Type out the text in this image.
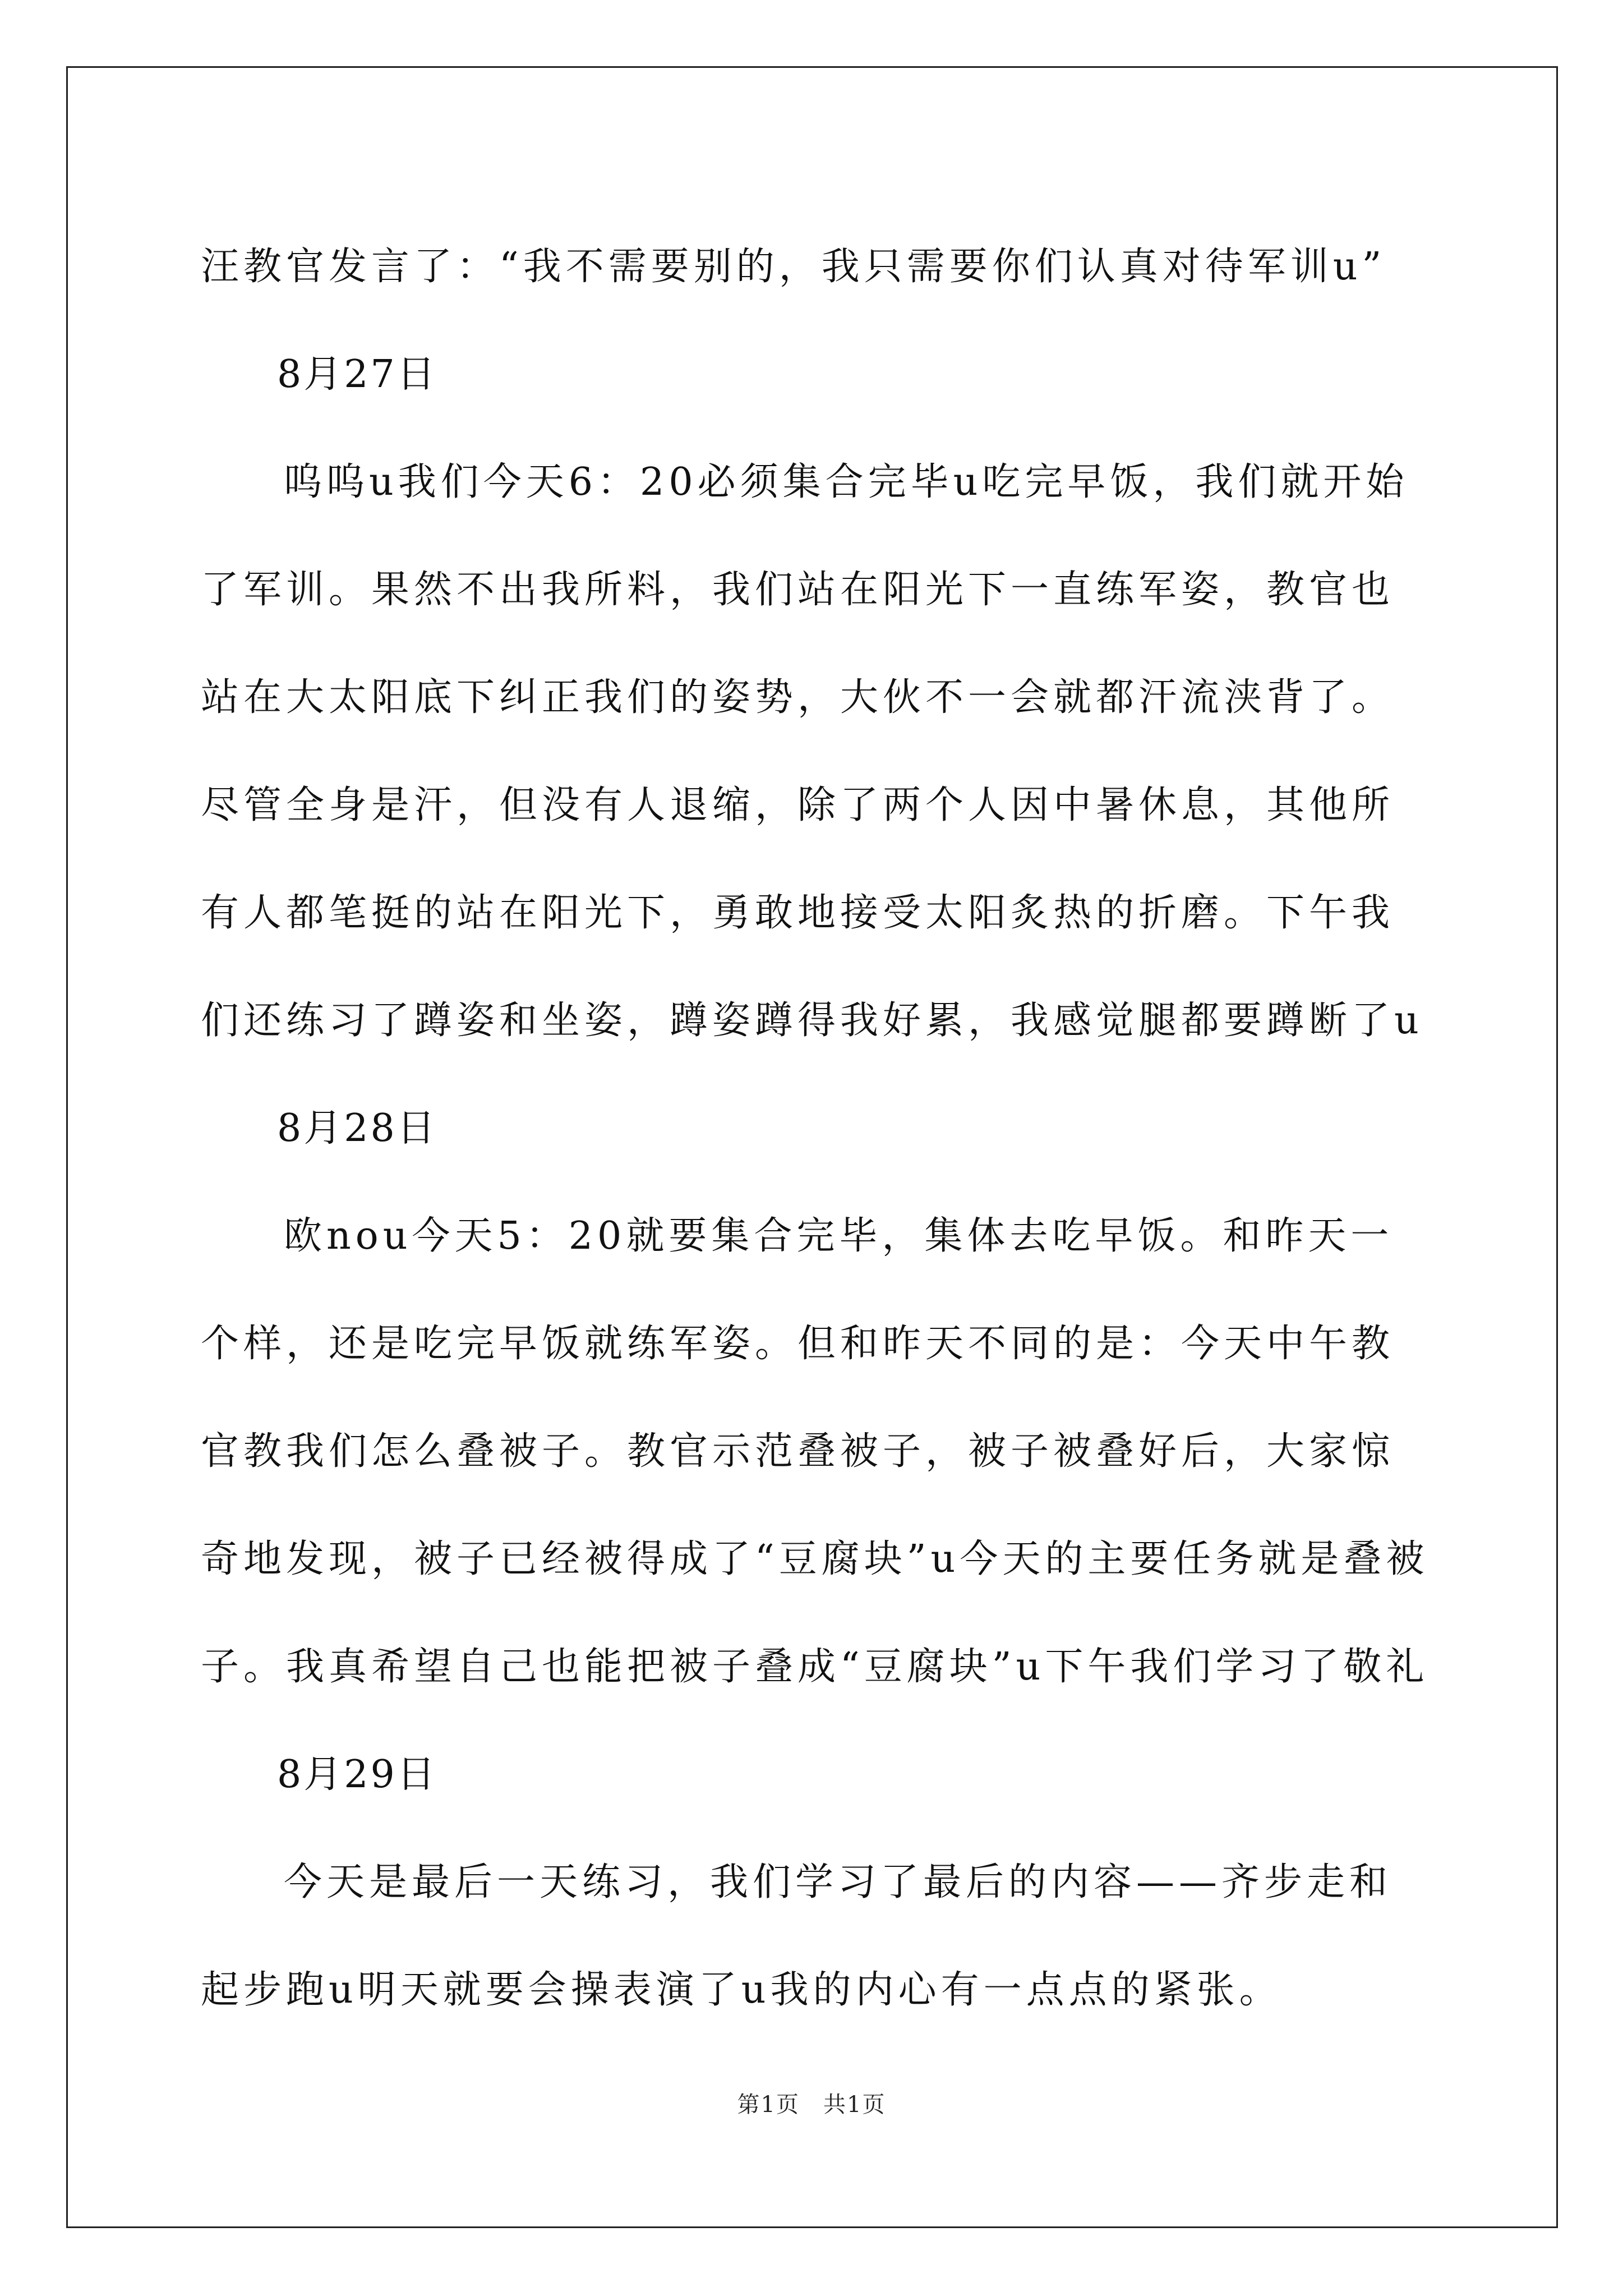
汪教官发言了：“我不需要别的，我只需要你们认真对待军训u”

8月27日

呜呜u我们今天6：20必须集合完毕u吃完早饭，我们就开始了军训。果然不出我所料，我们站在阳光下一直练军姿，教官也站在大太阳底下纠正我们的姿势，大伙不一会就都汗流浃背了。尽管全身是汗，但没有人退缩，除了两个人因中暑休息，其他所有人都笔挺的站在阳光下，勇敢地接受太阳炙热的折磨。下午我们还练习了蹲姿和坐姿，蹲姿蹲得我好累，我感觉腿都要蹲断了u

8月28日

欧nou今天5：20就要集合完毕，集体去吃早饭。和昨天一个样，还是吃完早饭就练军姿。但和昨天不同的是：今天中午教官教我们怎么叠被子。教官示范叠被子，被子被叠好后，大家惊奇地发现，被子已经被得成了“豆腐块”u今天的主要任务就是叠被子。我真希望自己也能把被子叠成“豆腐块”u下午我们学习了敬礼

8月29日

今天是最后一天练习，我们学习了最后的内容——齐步走和起步跑u明天就要会操表演了u我的内心有一点点的紧张。

第1页　共1页
